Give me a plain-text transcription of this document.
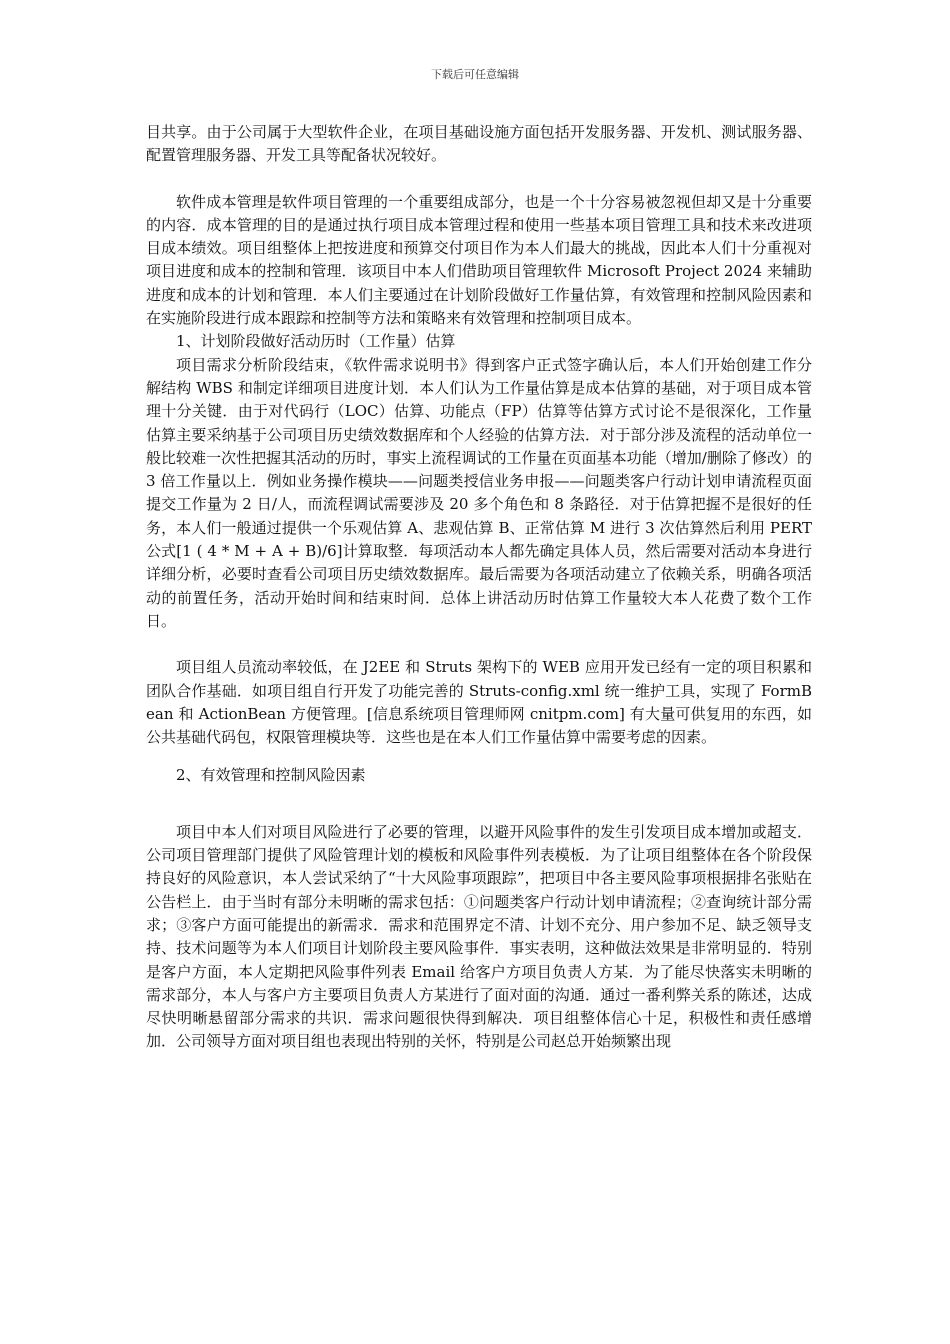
下载后可任意编辑

目共享。由于公司属于大型软件企业，在项目基础设施方面包括开发服务器、开发机、测试服务器、配置管理服务器、开发工具等配备状况较好。

软件成本管理是软件项目管理的一个重要组成部分，也是一个十分容易被忽视但却又是十分重要的内容．成本管理的目的是通过执行项目成本管理过程和使用一些基本项目管理工具和技术来改进项目成本绩效。项目组整体上把按进度和预算交付项目作为本人们最大的挑战，因此本人们十分重视对项目进度和成本的控制和管理．该项目中本人们借助项目管理软件 Microsoft Project 2024 来辅助进度和成本的计划和管理．本人们主要通过在计划阶段做好工作量估算，有效管理和控制风险因素和在实施阶段进行成本跟踪和控制等方法和策略来有效管理和控制项目成本。

1、计划阶段做好活动历时（工作量）估算

项目需求分析阶段结束，《软件需求说明书》得到客户正式签字确认后，本人们开始创建工作分解结构 WBS 和制定详细项目进度计划．本人们认为工作量估算是成本估算的基础，对于项目成本管理十分关键．由于对代码行（LOC）估算、功能点（FP）估算等估算方式讨论不是很深化，工作量估算主要采纳基于公司项目历史绩效数据库和个人经验的估算方法．对于部分涉及流程的活动单位一般比较难一次性把握其活动的历时，事实上流程调试的工作量在页面基本功能（增加/删除了修改）的 3 倍工作量以上．例如业务操作模块——问题类授信业务申报——问题类客户行动计划申请流程页面提交工作量为 2 日/人，而流程调试需要涉及 20 多个角色和 8 条路径．对于估算把握不是很好的任务，本人们一般通过提供一个乐观估算 A、悲观估算 B、正常估算 M 进行 3 次估算然后利用 PERT 公式[1 ( 4 * M + A + B)/6]计算取整．每项活动本人都先确定具体人员，然后需要对活动本身进行详细分析，必要时查看公司项目历史绩效数据库。最后需要为各项活动建立了依赖关系，明确各项活动的前置任务，活动开始时间和结束时间．总体上讲活动历时估算工作量较大本人花费了数个工作日。

项目组人员流动率较低，在 J2EE 和 Struts 架构下的 WEB 应用开发已经有一定的项目积累和团队合作基础．如项目组自行开发了功能完善的 Struts-config.xml 统一维护工具，实现了 FormBean 和 ActionBean 方便管理。[信息系统项目管理师网 cnitpm.com] 有大量可供复用的东西，如公共基础代码包，权限管理模块等．这些也是在本人们工作量估算中需要考虑的因素。

2、有效管理和控制风险因素

项目中本人们对项目风险进行了必要的管理，以避开风险事件的发生引发项目成本增加或超支．公司项目管理部门提供了风险管理计划的模板和风险事件列表模板．为了让项目组整体在各个阶段保持良好的风险意识，本人尝试采纳了“十大风险事项跟踪”，把项目中各主要风险事项根据排名张贴在公告栏上．由于当时有部分未明晰的需求包括：①问题类客户行动计划申请流程；②查询统计部分需求；③客户方面可能提出的新需求．需求和范围界定不清、计划不充分、用户参加不足、缺乏领导支持、技术问题等为本人们项目计划阶段主要风险事件．事实表明，这种做法效果是非常明显的．特别是客户方面，本人定期把风险事件列表 Email 给客户方项目负责人方某．为了能尽快落实未明晰的需求部分，本人与客户方主要项目负责人方某进行了面对面的沟通．通过一番利弊关系的陈述，达成尽快明晰悬留部分需求的共识．需求问题很快得到解决．项目组整体信心十足，积极性和责任感增加．公司领导方面对项目组也表现出特别的关怀，特别是公司赵总开始频繁出现
